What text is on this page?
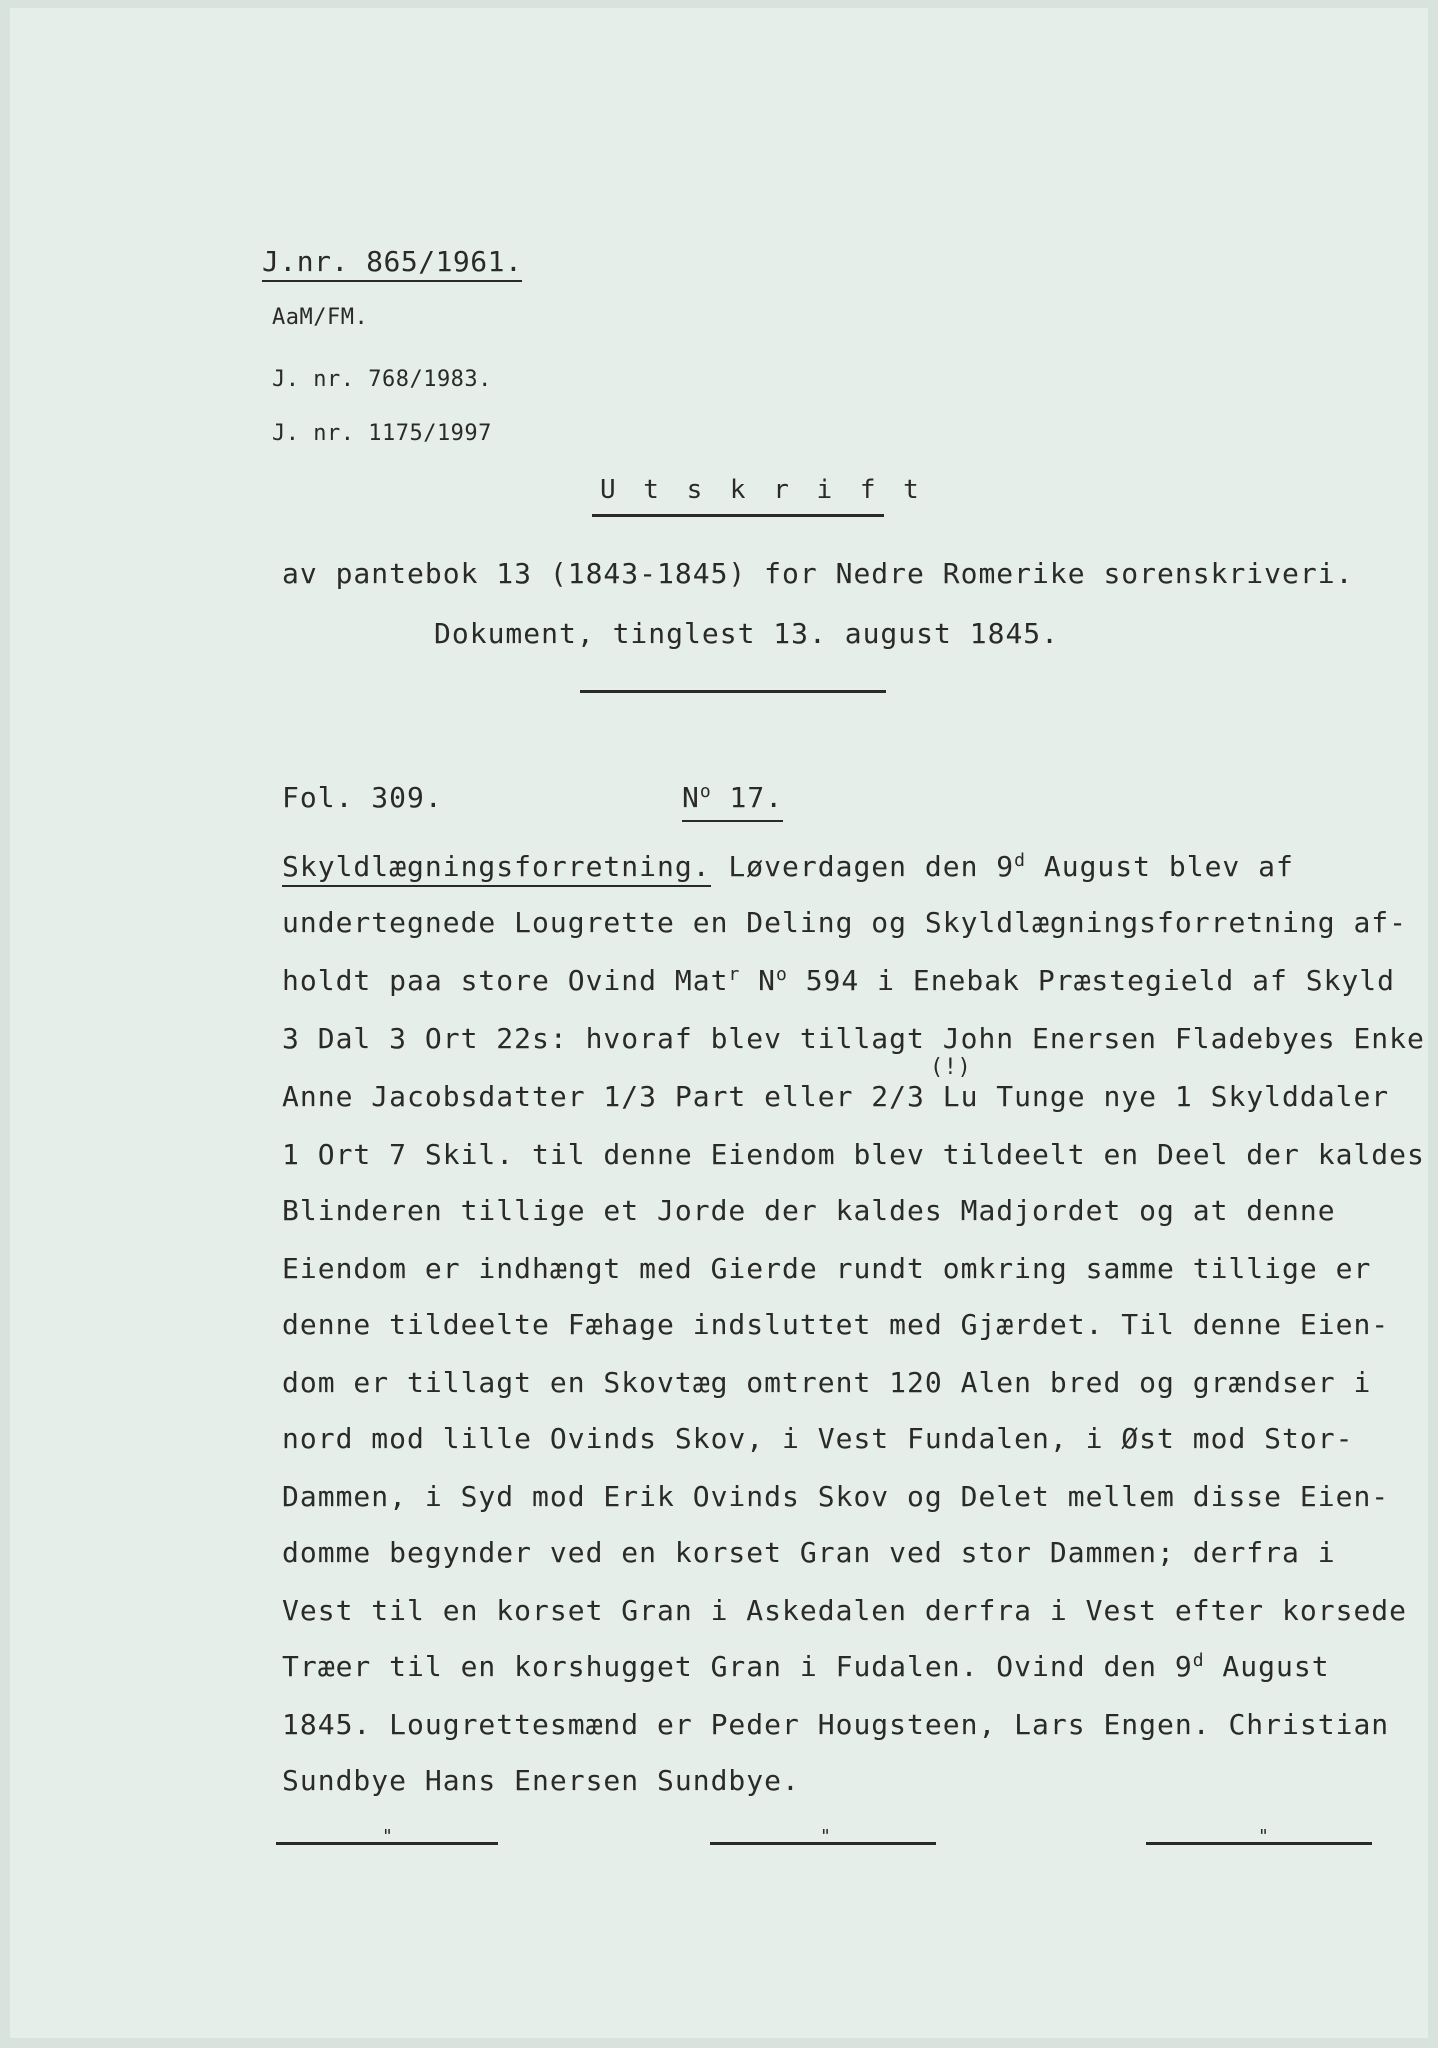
J.nr. 865/1961.
AaM/FM.
J. nr. 768/1983.
J. nr. 1175/1997
U t s k r i f t
av pantebok 13 (1843-1845) for Nedre Romerike sorenskriveri.
Dokument, tinglest 13. august 1845.
Fol. 309.	$N^o$ 17.
Skyldlægningsforretning. Løverdagen den 9$^d$ August blev af
undertegnede Lougrette en Deling og Skyldlægningsforretning af-
holdt paa store Ovind Mat$^r$ $N^o$ 594 i Enebak Præstegield af Skyld
3 Dal 3 Ort 22s: hvoraf blev tillagt John Enersen Fladebyes Enke
(!)
Anne Jacobsdatter 1/3 Part eller 2/3 Lu Tunge nye 1 Skylddaler
1 Ort 7 Skil. til denne Eiendom blev tildeelt en Deel der kaldes
Blinderen tillige et Jorde der kaldes Madjordet og at denne
Eiendom er indhængt med Gierde rundt omkring samme tillige er
denne tildeelte Fæhage indsluttet med Gjærdet. Til denne Eien-
dom er tillagt en Skovtæg omtrent 120 Alen bred og grændser i
nord mod lille Ovinds Skov, i Vest Fundalen, i Øst mod Stor-
Dammen, i Syd mod Erik Ovinds Skov og Delet mellem disse Eien-
domme begynder ved en korset Gran ved stor Dammen; derfra i
Vest til en korset Gran i Askedalen derfra i Vest efter korsede
Træer til en korshugget Gran i Fudalen. Ovind den 9$^d$ August
1845. Lougrettesmænd er Peder Hougsteen, Lars Engen. Christian
Sundbye Hans Enersen Sundbye.
"	"	"
